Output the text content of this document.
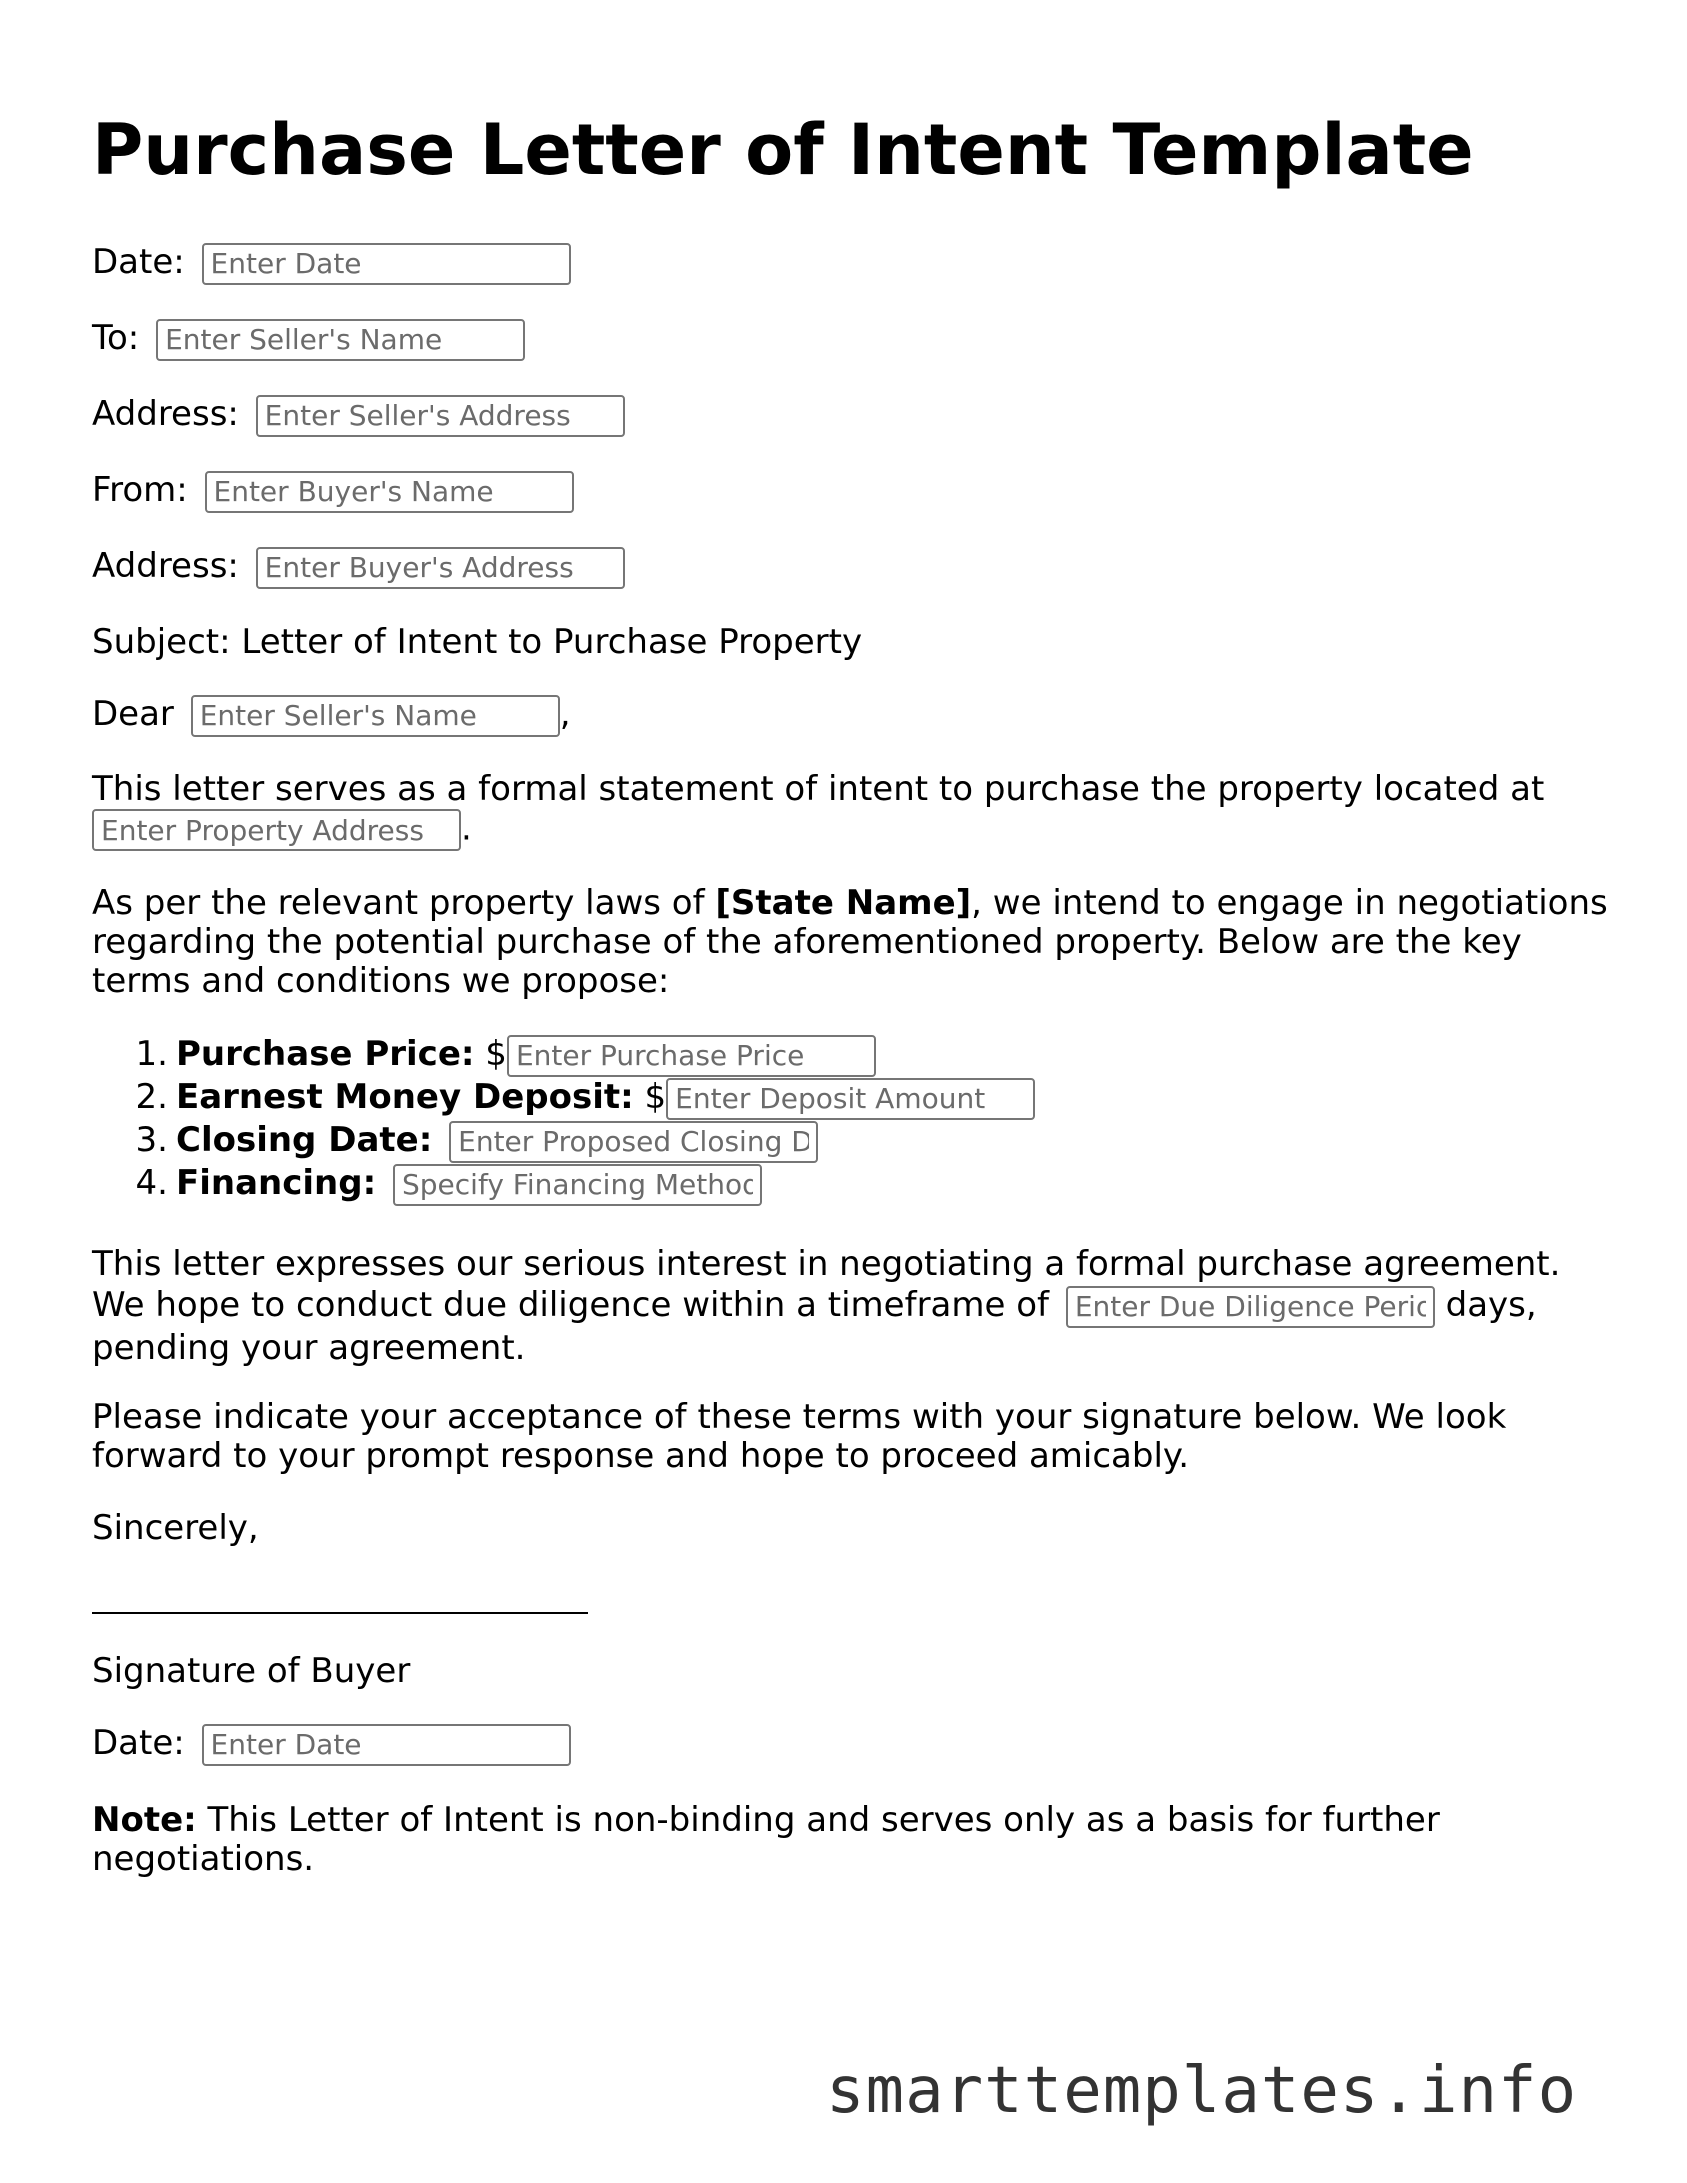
Purchase Letter of Intent Template
Date: Enter Date
To: Enter Seller's Name
Address: Enter Seller's Address
From: Enter Buyer's Name
Address: Enter Buyer's Address
Subject: Letter of Intent to Purchase Property
Dear Enter Seller's Name	,
This letter serves as a formal statement of intent to purchase the property located at
Enter Property Address.
As per the relevant property laws of [State Name], we intend to engage in negotiations regarding the potential purchase of the aforementioned property. Below are the key terms and conditions we propose:
1. Purchase Price: $Enter Purchase Price
2. Earnest Money Deposit: $Enter Deposit Amount
3. Closing Date: Enter Proposed Closing Date
4. Financing: Specify Financing Method
This letter expresses our serious interest in negotiating a formal purchase agreement. We hope to conduct due diligence within a timeframe of Enter Due Diligence Period	days, pending your agreement.
Please indicate your acceptance of these terms with your signature below. We look forward to your prompt response and hope to proceed amicably.
Sincerely,
Signature of Buyer
Date: Enter Date
Note: This Letter of Intent is non-binding and serves only as a basis for further negotiations.
smarttemplates.info
